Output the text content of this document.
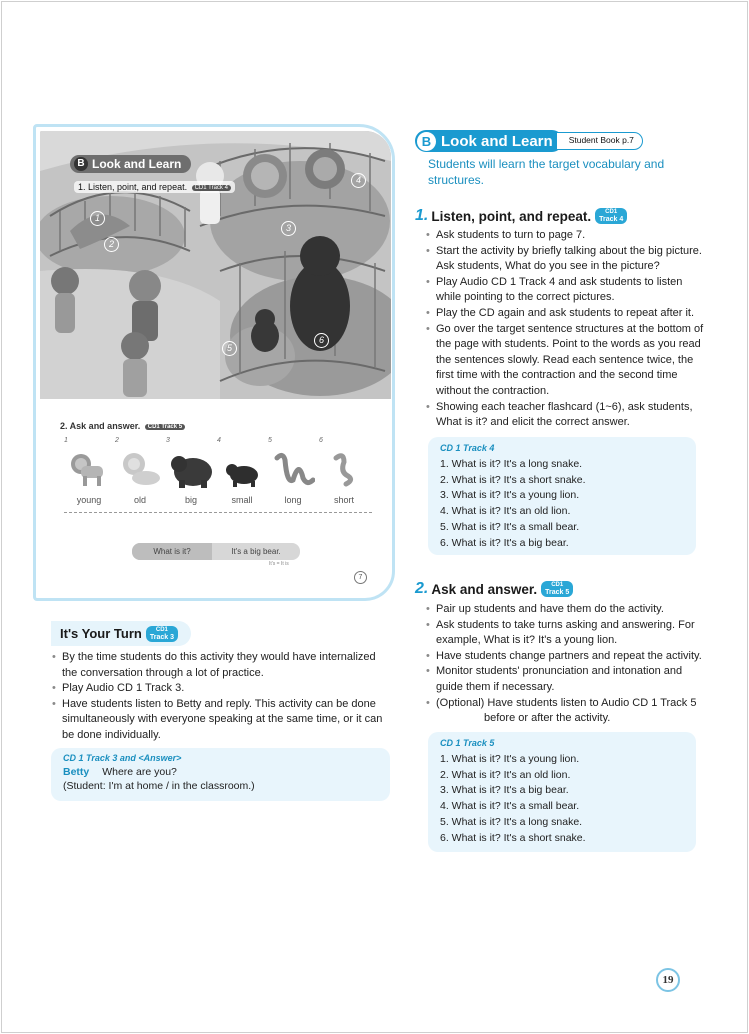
B Look and Learn
1. Listen, point, and repeat. CD1 Track 4
1
2
3
4
5
6
2. Ask and answer. CD1 Track 5
1
young
2
old
3
big
4
small
5
long
6
short
What is it?	It's a big bear.
It's = It is
7
It's Your Turn CD1
Track 3
• By the time students do this activity they would have internalized the conversation through a lot of practice.
• Play Audio CD 1 Track 3.
• Have students listen to Betty and reply. This activity can be done simultaneously with everyone speaking at the same time, or it can be done individually.
CD 1 Track 3 and <Answer>
Betty Where are you?
(Student: I'm at home / in the classroom.)
B Look and Learn	Student Book p.7
Students will learn the target vocabulary and structures.
1. Listen, point, and repeat. CD1
Track 4
• Ask students to turn to page 7.
• Start the activity by briefly talking about the big picture. Ask students, What do you see in the picture?
• Play Audio CD 1 Track 4 and ask students to listen while pointing to the correct pictures.
• Play the CD again and ask students to repeat after it.
• Go over the target sentence structures at the bottom of the page with students. Point to the words as you read the sentences slowly. Read each sentence twice, the first time with the contraction and the second time without the contraction.
• Showing each teacher flashcard (1~6), ask students, What is it? and elicit the correct answer.
CD 1 Track 4
1. What is it? It's a long snake.
2. What is it? It's a short snake.
3. What is it? It's a young lion.
4. What is it? It's an old lion.
5. What is it? It's a small bear.
6. What is it? It's a big bear.
2. Ask and answer. CD1
Track 5
• Pair up students and have them do the activity.
• Ask students to take turns asking and answering. For example, What is it? It's a young lion.
• Have students change partners and repeat the activity.
• Monitor students' pronunciation and intonation and guide them if necessary.
• (Optional) Have students listen to Audio CD 1 Track 5
before or after the activity.
CD 1 Track 5
1. What is it? It's a young lion.
2. What is it? It's an old lion.
3. What is it? It's a big bear.
4. What is it? It's a small bear.
5. What is it? It's a long snake.
6. What is it? It's a short snake.
19
